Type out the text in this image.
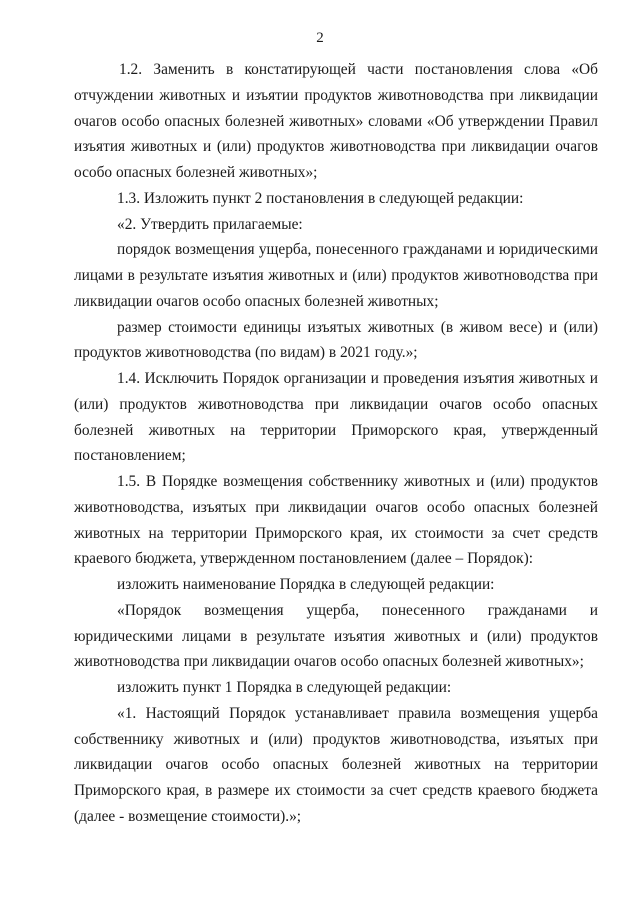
2

1.2. Заменить в констатирующей части постановления слова «Об отчуждении животных и изъятии продуктов животноводства при ликвидации очагов особо опасных болезней животных» словами «Об утверждении Правил изъятия животных и (или) продуктов животноводства при ликвидации очагов особо опасных болезней животных»;

1.3. Изложить пункт 2 постановления в следующей редакции:

«2. Утвердить прилагаемые:

порядок возмещения ущерба, понесенного гражданами и юридическими лицами в результате изъятия животных и (или) продуктов животноводства при ликвидации очагов особо опасных болезней животных;

размер стоимости единицы изъятых животных (в живом весе) и (или) продуктов животноводства (по видам) в 2021 году.»;

1.4. Исключить Порядок организации и проведения изъятия животных и (или) продуктов животноводства при ликвидации очагов особо опасных болезней животных на территории Приморского края, утвержденный постановлением;

1.5. В Порядке возмещения собственнику животных и (или) продуктов животноводства, изъятых при ликвидации очагов особо опасных болезней животных на территории Приморского края, их стоимости за счет средств краевого бюджета, утвержденном постановлением (далее – Порядок):

изложить наименование Порядка в следующей редакции:

«Порядок возмещения ущерба, понесенного гражданами и юридическими лицами в результате изъятия животных и (или) продуктов животноводства при ликвидации очагов особо опасных болезней животных»;

изложить пункт 1 Порядка в следующей редакции:

«1. Настоящий Порядок устанавливает правила возмещения ущерба собственнику животных и (или) продуктов животноводства, изъятых при ликвидации очагов особо опасных болезней животных на территории Приморского края, в размере их стоимости за счет средств краевого бюджета (далее - возмещение стоимости).»;
